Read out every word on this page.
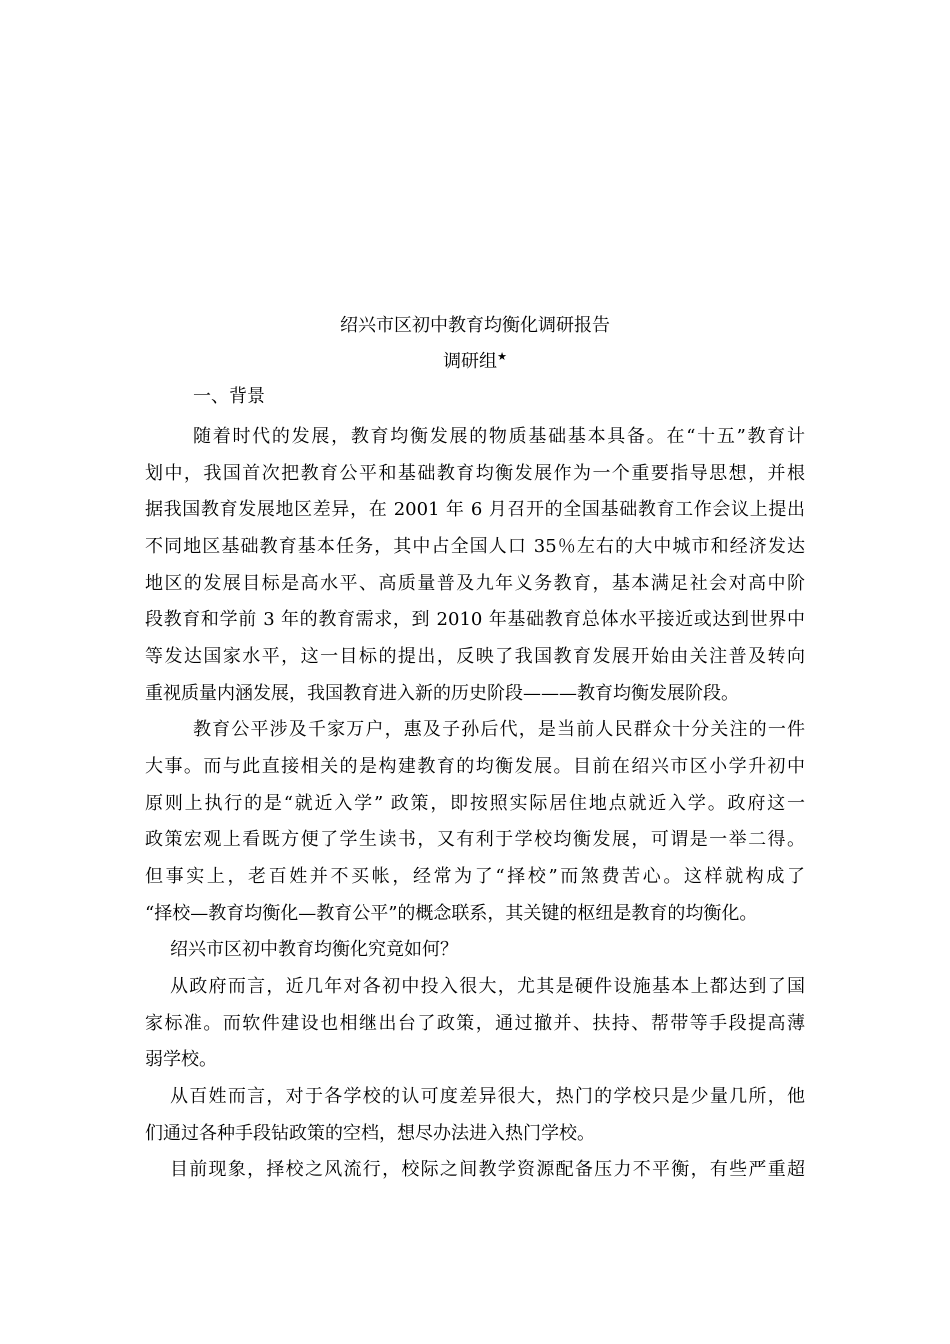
绍兴市区初中教育均衡化调研报告
调研组★
一、背景
随着时代的发展，教育均衡发展的物质基础基本具备。在“十五”教育计
划中，我国首次把教育公平和基础教育均衡发展作为一个重要指导思想，并根
据我国教育发展地区差异，在 2001 年 6 月召开的全国基础教育工作会议上提出
不同地区基础教育基本任务，其中占全国人口 35％左右的大中城市和经济发达
地区的发展目标是高水平、高质量普及九年义务教育，基本满足社会对高中阶
段教育和学前 3 年的教育需求，到 2010 年基础教育总体水平接近或达到世界中
等发达国家水平，这一目标的提出，反映了我国教育发展开始由关注普及转向
重视质量内涵发展，我国教育进入新的历史阶段———教育均衡发展阶段。
教育公平涉及千家万户，惠及子孙后代，是当前人民群众十分关注的一件
大事。而与此直接相关的是构建教育的均衡发展。目前在绍兴市区小学升初中
原则上执行的是“就近入学” 政策，即按照实际居住地点就近入学。政府这一
政策宏观上看既方便了学生读书，又有利于学校均衡发展，可谓是一举二得。
但事实上，老百姓并不买帐，经常为了“择校”而煞费苦心。这样就构成了
“择校—教育均衡化—教育公平”的概念联系，其关键的枢纽是教育的均衡化。
绍兴市区初中教育均衡化究竟如何？
从政府而言，近几年对各初中投入很大，尤其是硬件设施基本上都达到了国
家标准。而软件建设也相继出台了政策，通过撤并、扶持、帮带等手段提高薄
弱学校。
从百姓而言，对于各学校的认可度差异很大，热门的学校只是少量几所，他
们通过各种手段钻政策的空档，想尽办法进入热门学校。
目前现象，择校之风流行，校际之间教学资源配备压力不平衡，有些严重超
